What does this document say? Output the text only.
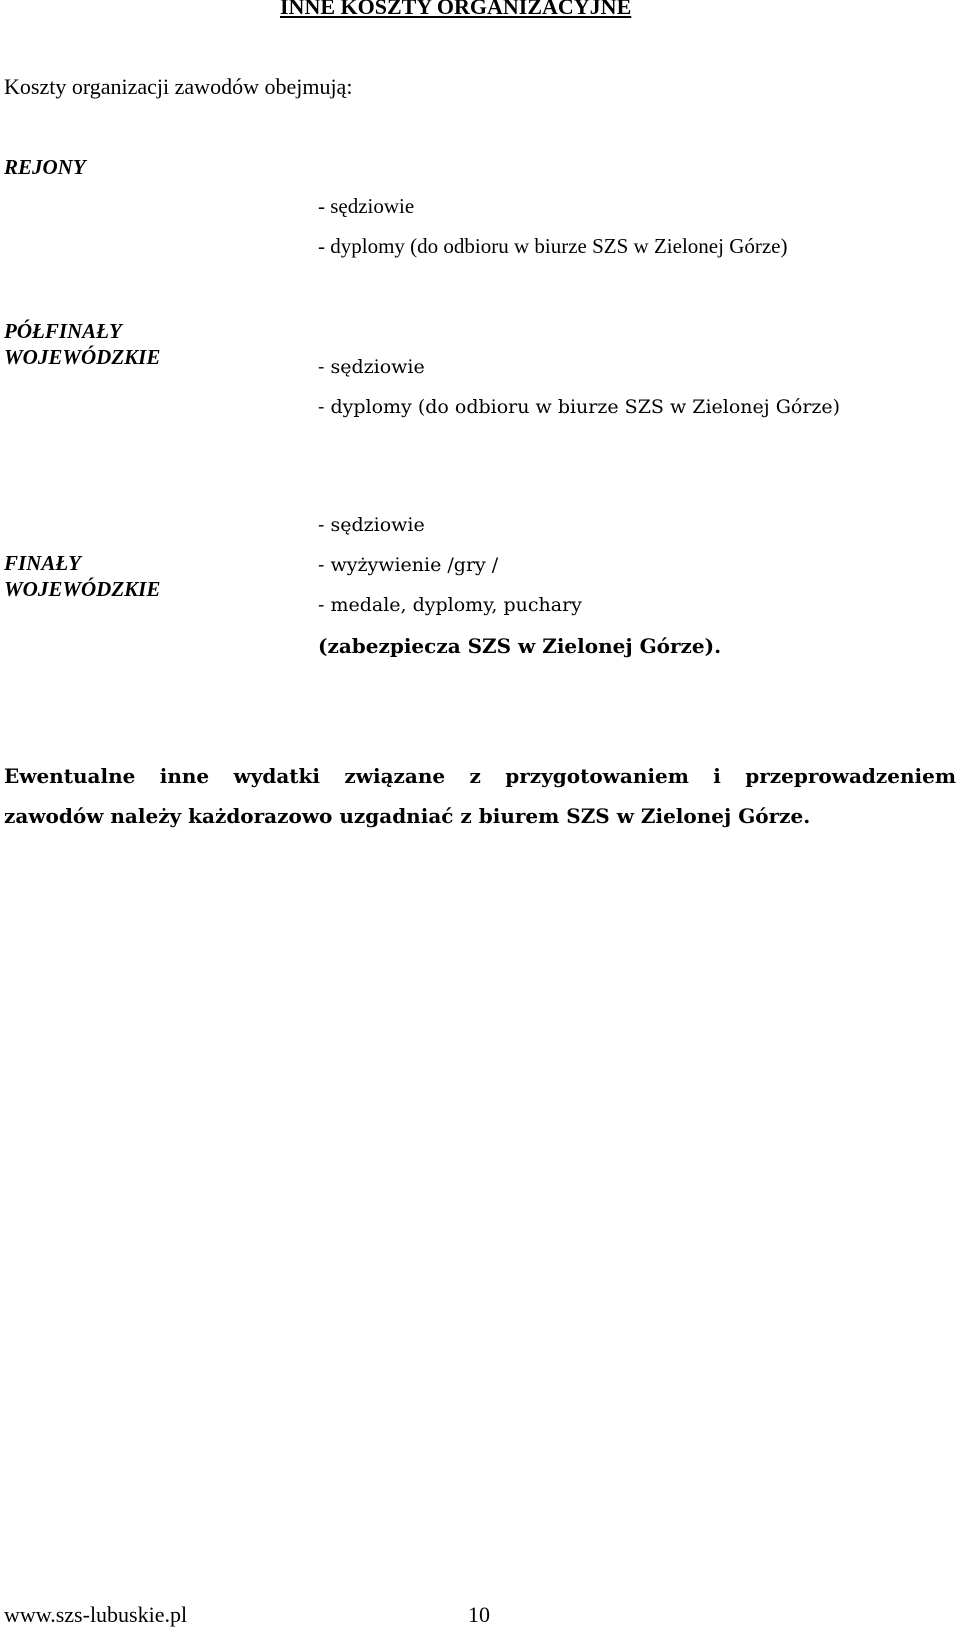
INNE KOSZTY ORGANIZACYJNE
Koszty organizacji zawodów obejmują:
REJONY
- sędziowie
- dyplomy (do odbioru w biurze SZS w Zielonej Górze)
PÓŁFINAŁY
WOJEWÓDZKIE	- sędziowie
- dyplomy (do odbioru w biurze SZS w Zielonej Górze)
FINAŁY
WOJEWÓDZKIE
- sędziowie
- wyżywienie /gry /
- medale, dyplomy, puchary
(zabezpiecza SZS w Zielonej Górze).
Ewentualne inne wydatki związane z przygotowaniem i przeprowadzeniem
zawodów należy każdorazowo uzgadniać z biurem SZS w Zielonej Górze.
www.szs-lubuskie.pl	10
